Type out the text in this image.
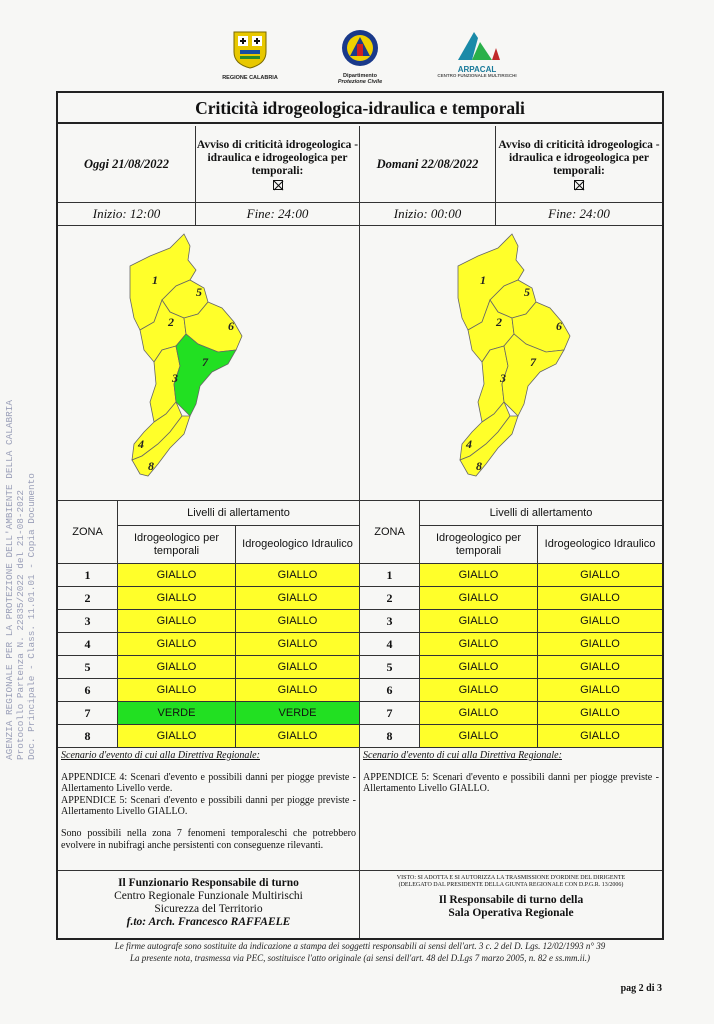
REGIONE CALABRIA	Dipartimento
Protezione Civile
ARPACAL
CENTRO FUNZIONALE MULTIRISCHI
AGENZIA REGIONALE PER LA PROTEZIONE DELL'AMBIENTE DELLA CALABRIA
Protocollo Partenza N. 22835/2022 del 21-08-2022
Doc. Principale - Class. 11.01.01 - Copia Documento
Criticità idrogeologica-idraulica e temporali
Oggi 21/08/2022
Avviso di criticità idrogeologica - idraulica e idrogeologica per temporali:	Domani 22/08/2022
Avviso di criticità idrogeologica - idraulica e idrogeologica per temporali:
Inizio: 12:00	Fine: 24:00	Inizio: 00:00	Fine: 24:00
1
2
3
4
5
6
7
8
1
2
3
4
5
6
7
8
ZONA
Livelli di allertamento
Idrogeologico per temporali
Idrogeologico Idraulico
1	GIALLO	GIALLO
2	GIALLO	GIALLO
3	GIALLO	GIALLO
4	GIALLO	GIALLO
5	GIALLO	GIALLO
6	GIALLO	GIALLO
7	VERDE	VERDE
8	GIALLO	GIALLO
ZONA
Livelli di allertamento
Idrogeologico per temporali
Idrogeologico Idraulico
1	GIALLO	GIALLO
2	GIALLO	GIALLO
3	GIALLO	GIALLO
4	GIALLO	GIALLO
5	GIALLO	GIALLO
6	GIALLO	GIALLO
7	GIALLO	GIALLO
8	GIALLO	GIALLO
Scenario d'evento di cui alla Direttiva Regionale:

APPENDICE 4: Scenari d'evento e possibili danni per piogge previste - Allertamento Livello verde.

APPENDICE 5: Scenari d'evento e possibili danni per piogge previste - Allertamento Livello GIALLO.

Sono possibili nella zona 7 fenomeni temporaleschi che potrebbero evolvere in nubifragi anche persistenti con conseguenze rilevanti.

Scenario d'evento di cui alla Direttiva Regionale:

APPENDICE 5: Scenari d'evento e possibili danni per piogge previste - Allertamento Livello GIALLO.

Il Funzionario Responsabile di turno
Centro Regionale Funzionale Multirischi
Sicurezza del Territorio
f.to: Arch. Francesco RAFFAELE
VISTO: SI ADOTTA E SI AUTORIZZA LA TRASMISSIONE D'ORDINE DEL DIRIGENTE
(DELEGATO DAL PRESIDENTE DELLA GIUNTA REGIONALE CON D.P.G.R. 13/2006)
Il Responsabile di turno della
Sala Operativa Regionale
Le firme autografe sono sostituite da indicazione a stampa dei soggetti responsabili ai sensi dell'art. 3 c. 2 del D. Lgs. 12/02/1993 n° 39
La presente nota, trasmessa via PEC, sostituisce l'atto originale (ai sensi dell'art. 48 del D.Lgs 7 marzo 2005, n. 82 e ss.mm.ii.)
pag 2 di 3
